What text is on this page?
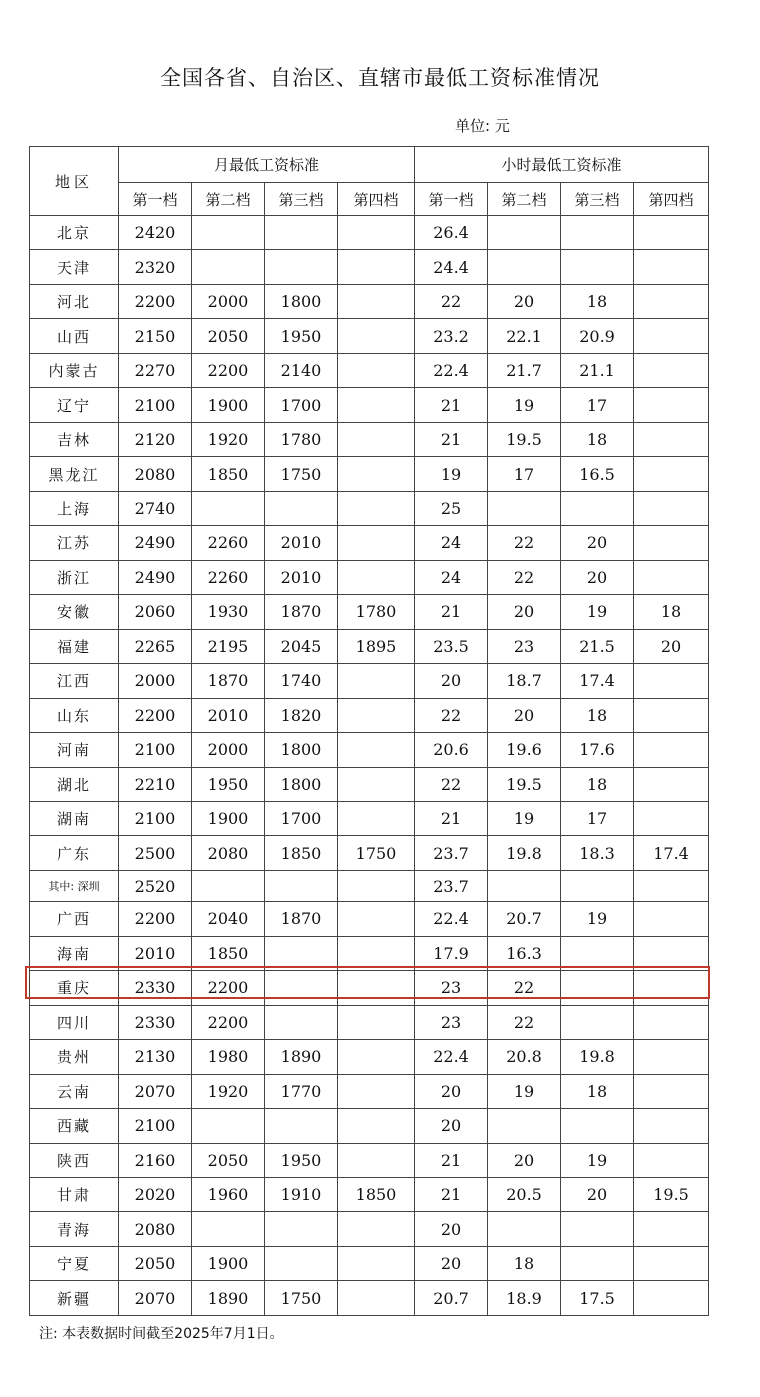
全国各省、自治区、直辖市最低工资标准情况
单位: 元
地区	月最低工资标准				小时最低工资标准			
	第一档	第二档	第三档	第四档	第一档	第二档	第三档	第四档
北京	2420				26.4			
天津	2320				24.4			
河北	2200	2000	1800		22	20	18	
山西	2150	2050	1950		23.2	22.1	20.9	
内蒙古	2270	2200	2140		22.4	21.7	21.1	
辽宁	2100	1900	1700		21	19	17	
吉林	2120	1920	1780		21	19.5	18	
黑龙江	2080	1850	1750		19	17	16.5	
上海	2740				25			
江苏	2490	2260	2010		24	22	20	
浙江	2490	2260	2010		24	22	20	
安徽	2060	1930	1870	1780	21	20	19	18
福建	2265	2195	2045	1895	23.5	23	21.5	20
江西	2000	1870	1740		20	18.7	17.4	
山东	2200	2010	1820		22	20	18	
河南	2100	2000	1800		20.6	19.6	17.6	
湖北	2210	1950	1800		22	19.5	18	
湖南	2100	1900	1700		21	19	17	
广东	2500	2080	1850	1750	23.7	19.8	18.3	17.4
其中: 深圳	2520				23.7			
广西	2200	2040	1870		22.4	20.7	19	
海南	2010	1850			17.9	16.3		
重庆	2330	2200			23	22		
四川	2330	2200			23	22		
贵州	2130	1980	1890		22.4	20.8	19.8	
云南	2070	1920	1770		20	19	18	
西藏	2100				20			
陕西	2160	2050	1950		21	20	19	
甘肃	2020	1960	1910	1850	21	20.5	20	19.5
青海	2080				20			
宁夏	2050	1900			20	18		
新疆	2070	1890	1750		20.7	18.9	17.5	
注: 本表数据时间截至2025年7月1日。
